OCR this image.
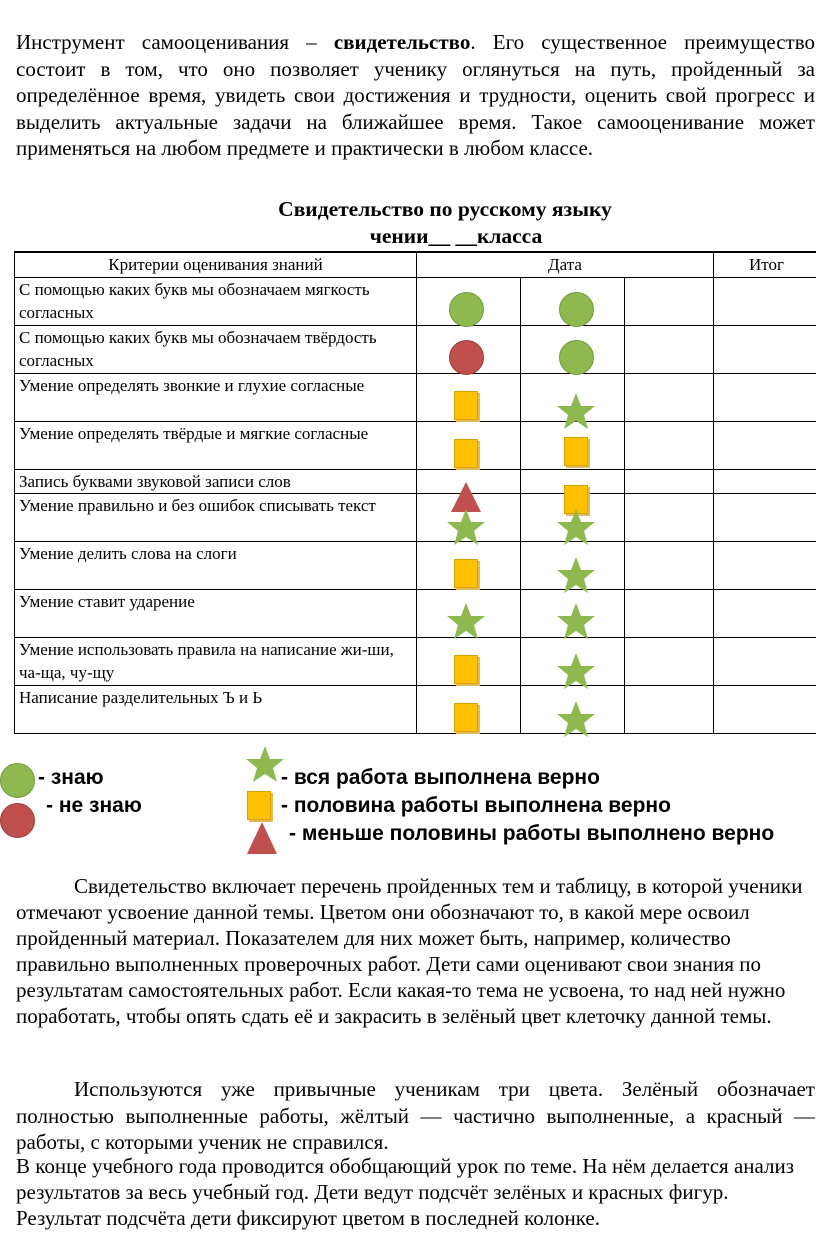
Инструмент самооценивания – свидетельство. Его существенное преимущество состоит в том, что оно позволяет ученику оглянуться на путь, пройденный за определённое время, увидеть свои достижения и трудности, оценить свой прогресс и выделить актуальные задачи на ближайшее время. Такое самооценивание может применяться на любом предмете и практически в любом классе.

Свидетельство по русскому языку

чении__ __класса

Критерии оценивания знаний	Дата			Итог
С помощью каких букв мы обозначаем мягкость согласных				
С помощью каких букв мы обозначаем твёрдость согласных				
Умение определять звонкие и глухие согласные				
Умение определять твёрдые и мягкие согласные				
Запись буквами звуковой записи слов				
Умение правильно и без ошибок списывать текст				
Умение делить слова на слоги				
Умение ставит ударение				
Умение использовать правила на написание жи-ши, ча-ща, чу-щу				
Написание разделительных Ъ и Ь				

- знаю

- не знаю

- вся работа выполнена верно

- половина работы выполнена верно

- меньше половины работы выполнено верно

Свидетельство включает перечень пройденных тем и таблицу, в которой ученики отмечают усвоение данной темы. Цветом они обозначают то, в какой мере освоил пройденный материал. Показателем для них может быть, например, количество правильно выполненных проверочных работ. Дети сами оценивают свои знания по результатам самостоятельных работ. Если какая-то тема не усвоена, то над ней нужно поработать, чтобы опять сдать её и закрасить в зелёный цвет клеточку данной темы.

Используются уже привычные ученикам три цвета. Зелёный обозначает полностью выполненные работы, жёлтый — частично выполненные, а красный — работы, с которыми ученик не справился.

В конце учебного года проводится обобщающий урок по теме. На нём делается анализ результатов за весь учебный год. Дети ведут подсчёт зелёных и красных фигур. Результат подсчёта дети фиксируют цветом в последней колонке.
